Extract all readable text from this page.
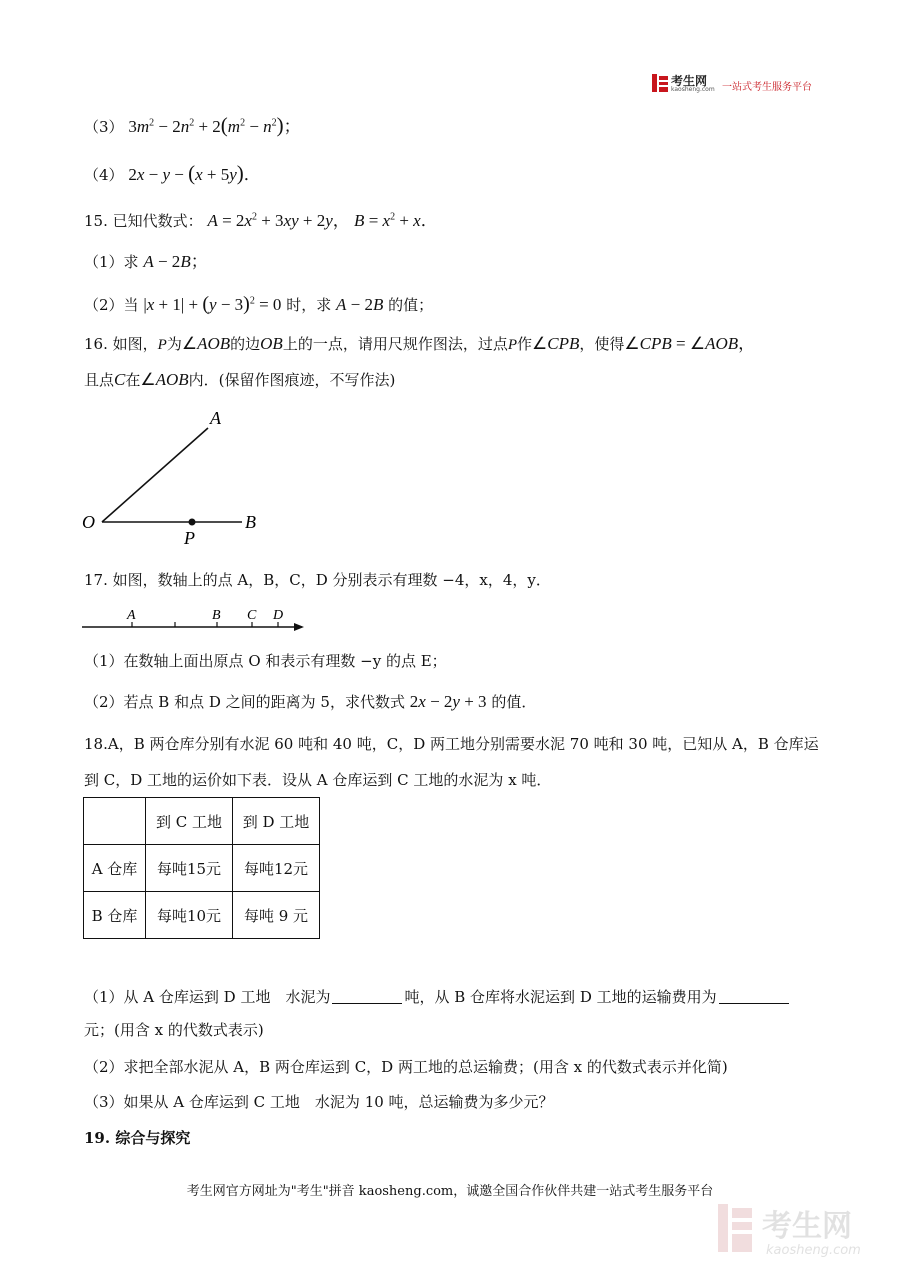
考生网
kaosheng.com 一站式考生服务平台
（3） $3m^2 - 2n^2 + 2(m^2 - n^2)$；
（4） 2x − y − (x + 5y)．
15. 已知代数式： $A = 2x^2 + 3xy + 2y$， $B = x^2 + x$．
（1）求 A − 2B；
（2）当 $|x + 1| + (y - 3)^2 = 0$ 时，求 A − 2B 的值；
16. 如图，P为∠AOB的边OB上的一点，请用尺规作图法，过点P作∠CPB，使得∠CPB = ∠AOB，
且点C在∠AOB内．(保留作图痕迹，不写作法)
A
O	B
P
17. 如图，数轴上的点 A，B，C，D 分别表示有理数 −4，x，4，y．
A	B C D
（1）在数轴上面出原点 O 和表示有理数 −y 的点 E；
（2）若点 B 和点 D 之间的距离为 5，求代数式 2x − 2y + 3 的值．
18.A，B 两仓库分别有水泥 60 吨和 40 吨，C，D 两工地分别需要水泥 70 吨和 30 吨，已知从 A，B 仓库运
到 C，D 工地的运价如下表．设从 A 仓库运到 C 工地的水泥为 x 吨．
	到 C 工地	到 D 工地
A 仓库	每吨15元	每吨12元
B 仓库	每吨10元	每吨 9 元
（1）从 A 仓库运到 D 工地　水泥为	吨，从 B 仓库将水泥运到 D 工地的运输费用为
元；(用含 x 的代数式表示)
（2）求把全部水泥从 A，B 两仓库运到 C，D 两工地的总运输费；(用含 x 的代数式表示并化简)
（3）如果从 A 仓库运到 C 工地　水泥为 10 吨，总运输费为多少元？
19. 综合与探究
考生网官方网址为"考生"拼音 kaosheng.com，诚邀全国合作伙伴共建一站式考生服务平台
考生网
kaosheng.com
